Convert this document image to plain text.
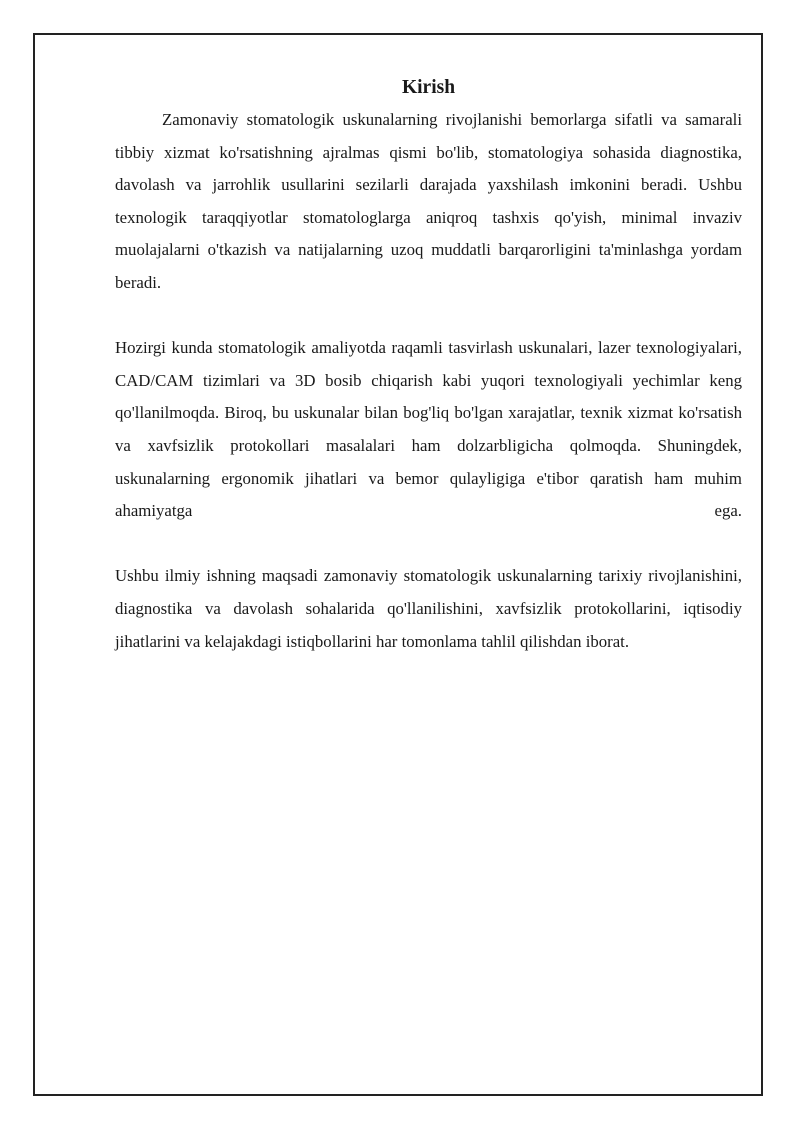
Kirish

Zamonaviy stomatologik uskunalarning rivojlanishi bemorlarga sifatli va samarali tibbiy xizmat ko'rsatishning ajralmas qismi bo'lib, stomatologiya sohasida diagnostika, davolash va jarrohlik usullarini sezilarli darajada yaxshilash imkonini beradi. Ushbu texnologik taraqqiyotlar stomatologlarga aniqroq tashxis qo'yish, minimal invaziv muolajalarni o'tkazish va natijalarning uzoq muddatli barqarorligini ta'minlashga yordam beradi.

Hozirgi kunda stomatologik amaliyotda raqamli tasvirlash uskunalari, lazer texnologiyalari, CAD/CAM tizimlari va 3D bosib chiqarish kabi yuqori texnologiyali yechimlar keng qo'llanilmoqda. Biroq, bu uskunalar bilan bog'liq bo'lgan xarajatlar, texnik xizmat ko'rsatish va xavfsizlik protokollari masalalari ham dolzarbligicha qolmoqda. Shuningdek, uskunalarning ergonomik jihatlari va bemor qulayligiga e'tibor qaratish ham muhim ahamiyatga ega.

Ushbu ilmiy ishning maqsadi zamonaviy stomatologik uskunalarning tarixiy rivojlanishini, diagnostika va davolash sohalarida qo'llanilishini, xavfsizlik protokollarini, iqtisodiy jihatlarini va kelajakdagi istiqbollarini har tomonlama tahlil qilishdan iborat.
